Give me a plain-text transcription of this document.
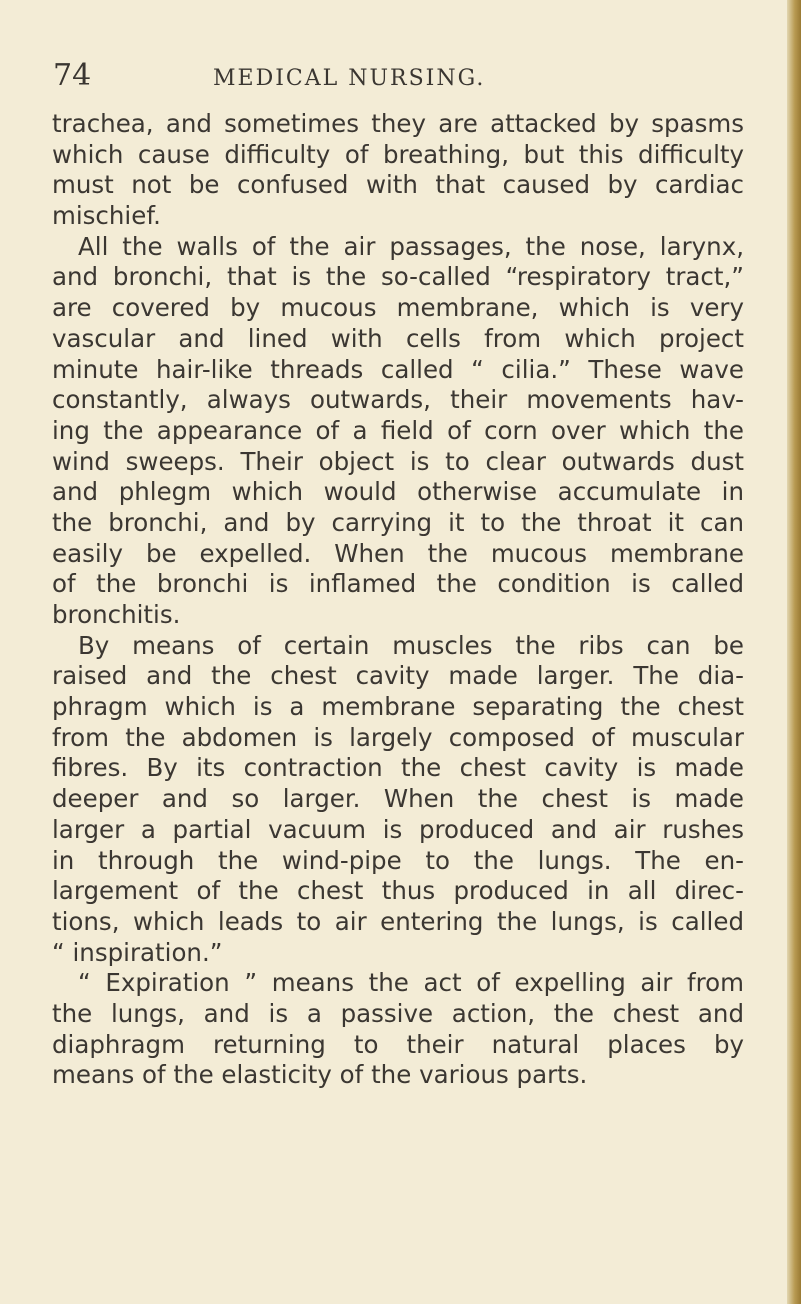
74	MEDICAL NURSING.
trachea, and sometimes they are attacked by spasms
which cause difficulty of breathing, but this difficulty
must not be confused with that caused by cardiac
mischief.
All the walls of the air passages, the nose, larynx,
and bronchi, that is the so-called “respiratory tract,”
are covered by mucous membrane, which is very
vascular and lined with cells from which project
minute hair-like threads called “ cilia.” These wave
constantly, always outwards, their movements hav-
ing the appearance of a field of corn over which the
wind sweeps. Their object is to clear outwards dust
and phlegm which would otherwise accumulate in
the bronchi, and by carrying it to the throat it can
easily be expelled. When the mucous membrane
of the bronchi is inflamed the condition is called
bronchitis.
By means of certain muscles the ribs can be
raised and the chest cavity made larger. The dia-
phragm which is a membrane separating the chest
from the abdomen is largely composed of muscular
fibres. By its contraction the chest cavity is made
deeper and so larger. When the chest is made
larger a partial vacuum is produced and air rushes
in through the wind-pipe to the lungs. The en-
largement of the chest thus produced in all direc-
tions, which leads to air entering the lungs, is called
“ inspiration.”
“ Expiration ” means the act of expelling air from
the lungs, and is a passive action, the chest and
diaphragm returning to their natural places by
means of the elasticity of the various parts.
